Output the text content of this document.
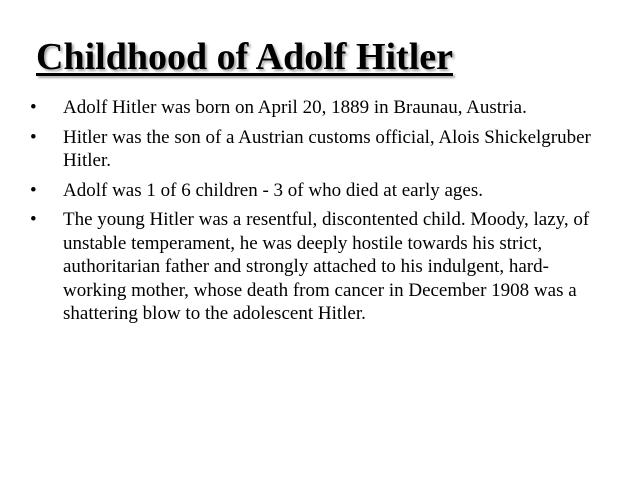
Childhood of Adolf Hitler
•	Adolf Hitler was born on April 20, 1889 in Braunau, Austria.
•	Hitler was the son of a Austrian customs official, Alois Shickelgruber Hitler.
•	Adolf was 1 of 6 children - 3 of who died at early ages.
•	The young Hitler was a resentful, discontented child. Moody, lazy, of unstable temperament, he was deeply hostile towards his strict, authoritarian father and strongly attached to his indulgent, hard-working mother, whose death from cancer in December 1908 was a shattering blow to the adolescent Hitler.
